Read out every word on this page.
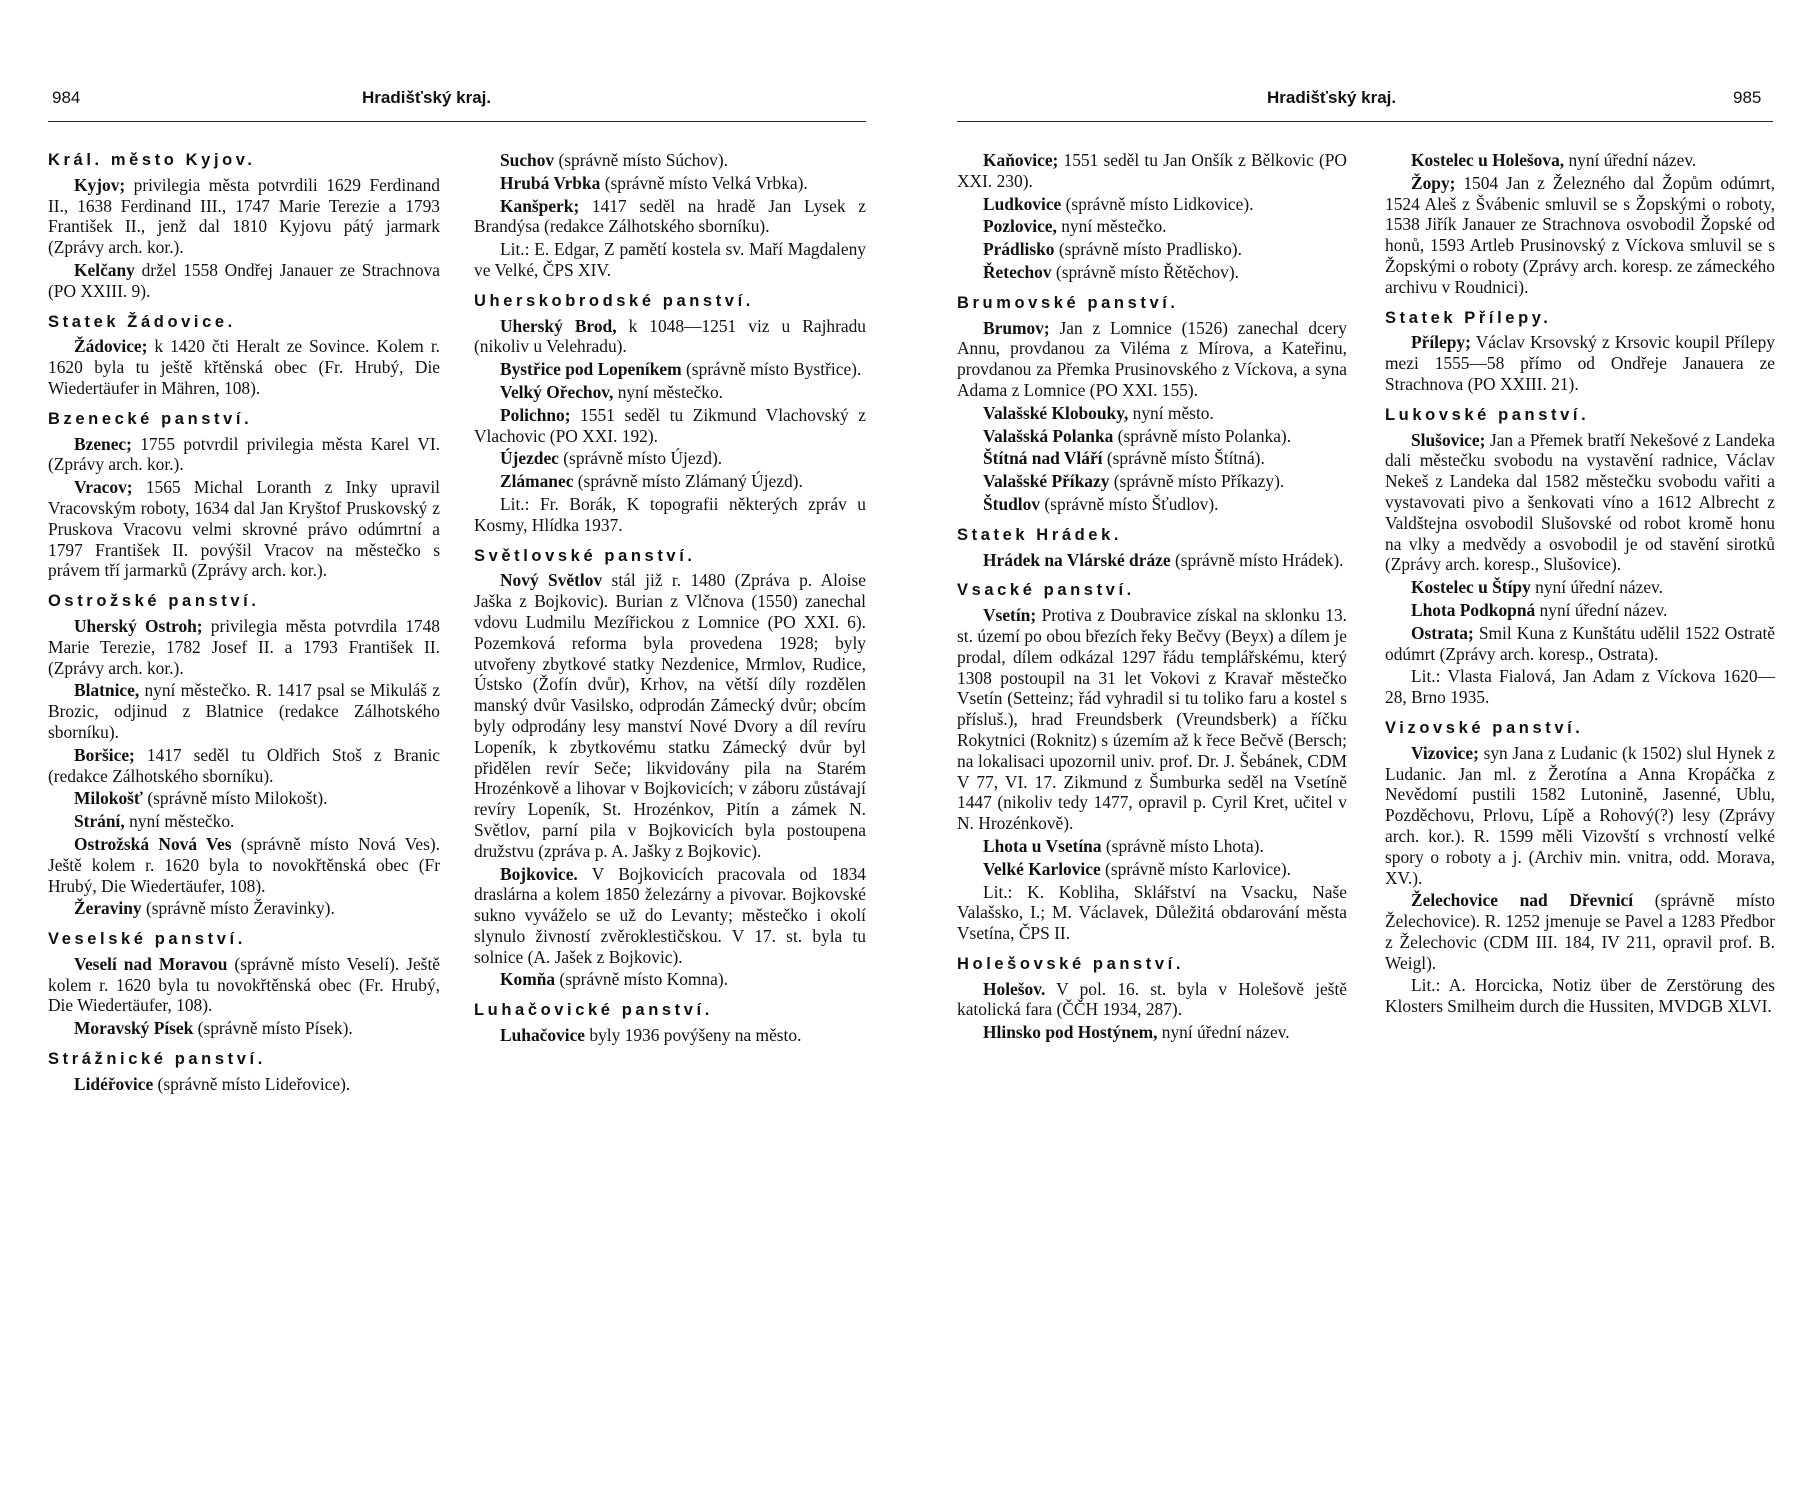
984	Hradišťský kraj.
Král. město Kyjov.

Kyjov; privilegia města potvrdili 1629 Ferdinand II., 1638 Ferdinand III., 1747 Marie Terezie a 1793 František II., jenž dal 1810 Kyjovu pátý jarmark (Zprávy arch. kor.).

Kelčany držel 1558 Ondřej Janauer ze Strachnova (PO XXIII. 9).

Statek Žádovice.

Žádovice; k 1420 čti Heralt ze Sovince. Kolem r. 1620 byla tu ještě křtěnská obec (Fr. Hrubý, Die Wiedertäufer in Mähren, 108).

Bzenecké panství.

Bzenec; 1755 potvrdil privilegia města Karel VI. (Zprávy arch. kor.).

Vracov; 1565 Michal Loranth z Inky upravil Vracovským roboty, 1634 dal Jan Kryštof Pruskovský z Pruskova Vracovu velmi skrovné právo odúmrtní a 1797 František II. povýšil Vracov na městečko s právem tří jarmarků (Zprávy arch. kor.).

Ostrožské panství.

Uherský Ostroh; privilegia města potvrdila 1748 Marie Terezie, 1782 Josef II. a 1793 František II. (Zprávy arch. kor.).

Blatnice, nyní městečko. R. 1417 psal se Mikuláš z Brozic, odjinud z Blatnice (redakce Zálhotského sborníku).

Boršice; 1417 seděl tu Oldřich Stoš z Branic (redakce Zálhotského sborníku).

Milokošť (správně místo Milokošt).

Strání, nyní městečko.

Ostrožská Nová Ves (správně místo Nová Ves). Ještě kolem r. 1620 byla to novokřtěnská obec (Fr Hrubý, Die Wiedertäufer, 108).

Žeraviny (správně místo Žeravinky).

Veselské panství.

Veselí nad Moravou (správně místo Veselí). Ještě kolem r. 1620 byla tu novokřtěnská obec (Fr. Hrubý, Die Wiedertäufer, 108).

Moravský Písek (správně místo Písek).

Strážnické panství.

Lidéřovice (správně místo Lideřovice).

Suchov (správně místo Súchov).

Hrubá Vrbka (správně místo Velká Vrbka).

Kanšperk; 1417 seděl na hradě Jan Lysek z Brandýsa (redakce Zálhotského sborníku).

Lit.: E. Edgar, Z pamětí kostela sv. Maří Magdaleny ve Velké, ČPS XIV.

Uherskobrodské panství.

Uherský Brod, k 1048—1251 viz u Rajhradu (nikoliv u Velehradu).

Bystřice pod Lopeníkem (správně místo Bystřice).

Velký Ořechov, nyní městečko.

Polichno; 1551 seděl tu Zikmund Vlachovský z Vlachovic (PO XXI. 192).

Újezdec (správně místo Újezd).

Zlámanec (správně místo Zlámaný Újezd).

Lit.: Fr. Borák, K topografii některých zpráv u Kosmy, Hlídka 1937.

Světlovské panství.

Nový Světlov stál již r. 1480 (Zpráva p. Aloise Jaška z Bojkovic). Burian z Vlčnova (1550) zanechal vdovu Ludmilu Mezířickou z Lomnice (PO XXI. 6). Pozemková reforma byla provedena 1928; byly utvořeny zbytkové statky Nezdenice, Mrmlov, Rudice, Ústsko (Žofín dvůr), Krhov, na větší díly rozdělen manský dvůr Vasilsko, odprodán Zámecký dvůr; obcím byly odprodány lesy manství Nové Dvory a díl revíru Lopeník, k zbytkovému statku Zámecký dvůr byl přidělen revír Seče; likvidovány pila na Starém Hrozénkově a lihovar v Bojkovicích; v záboru zůstávají revíry Lopeník, St. Hrozénkov, Pitín a zámek N. Světlov, parní pila v Bojkovicích byla postoupena družstvu (zpráva p. A. Jašky z Bojkovic).

Bojkovice. V Bojkovicích pracovala od 1834 draslárna a kolem 1850 železárny a pivovar. Bojkovské sukno vyváželo se už do Levanty; městečko i okolí slynulo živností zvěroklestičskou. V 17. st. byla tu solnice (A. Jašek z Bojkovic).

Komňa (správně místo Komna).

Luhačovické panství.

Luhačovice byly 1936 povýšeny na město.

Hradišťský kraj.	985

Kaňovice; 1551 seděl tu Jan Onšík z Bělkovic (PO XXI. 230).

Ludkovice (správně místo Lidkovice).

Pozlovice, nyní městečko.

Prádlisko (správně místo Pradlisko).

Řetechov (správně místo Řětěchov).

Brumovské panství.

Brumov; Jan z Lomnice (1526) zanechal dcery Annu, provdanou za Viléma z Mírova, a Kateřinu, provdanou za Přemka Prusinovského z Víckova, a syna Adama z Lomnice (PO XXI. 155).

Valašské Klobouky, nyní město.

Valašská Polanka (správně místo Polanka).

Štítná nad Vláří (správně místo Štítná).

Valašské Příkazy (správně místo Příkazy).

Študlov (správně místo Šťudlov).

Statek Hrádek.

Hrádek na Vlárské dráze (správně místo Hrádek).

Vsacké panství.

Vsetín; Protiva z Doubravice získal na sklonku 13. st. území po obou březích řeky Bečvy (Beyx) a dílem je prodal, dílem odkázal 1297 řádu templářskému, který 1308 postoupil na 31 let Vokovi z Kravař městečko Vsetín (Setteinz; řád vyhradil si tu toliko faru a kostel s přísluš.), hrad Freundsberk (Vreundsberk) a říčku Rokytnici (Roknitz) s územím až k řece Bečvě (Bersch; na lokalisaci upozornil univ. prof. Dr. J. Šebánek, CDM V 77, VI. 17. Zikmund z Šumburka seděl na Vsetíně 1447 (nikoliv tedy 1477, opravil p. Cyril Kret, učitel v N. Hrozénkově).

Lhota u Vsetína (správně místo Lhota).

Velké Karlovice (správně místo Karlovice).

Lit.: K. Kobliha, Sklářství na Vsacku, Naše Valašsko, I.; M. Václavek, Důležitá obdarování města Vsetína, ČPS II.

Holešovské panství.

Holešov. V pol. 16. st. byla v Holešově ještě katolická fara (ČČH 1934, 287).

Hlinsko pod Hostýnem, nyní úřední název.

Kostelec u Holešova, nyní úřední název.

Žopy; 1504 Jan z Železného dal Žopům odúmrt, 1524 Aleš z Švábenic smluvil se s Žopskými o roboty, 1538 Jiřík Janauer ze Strachnova osvobodil Žopské od honů, 1593 Artleb Prusinovský z Víckova smluvil se s Žopskými o roboty (Zprávy arch. koresp. ze zámeckého archivu v Roudnici).

Statek Přílepy.

Přílepy; Václav Krsovský z Krsovic koupil Přílepy mezi 1555—58 přímo od Ondřeje Janauera ze Strachnova (PO XXIII. 21).

Lukovské panství.

Slušovice; Jan a Přemek bratří Nekešové z Landeka dali městečku svobodu na vystavění radnice, Václav Nekeš z Landeka dal 1582 městečku svobodu vařiti a vystavovati pivo a šenkovati víno a 1612 Albrecht z Valdštejna osvobodil Slušovské od robot kromě honu na vlky a medvědy a osvobodil je od stavění sirotků (Zprávy arch. koresp., Slušovice).

Kostelec u Štípy nyní úřední název.

Lhota Podkopná nyní úřední název.

Ostrata; Smil Kuna z Kunštátu udělil 1522 Ostratě odúmrt (Zprávy arch. koresp., Ostrata).

Lit.: Vlasta Fialová, Jan Adam z Víckova 1620—28, Brno 1935.

Vizovské panství.

Vizovice; syn Jana z Ludanic (k 1502) slul Hynek z Ludanic. Jan ml. z Žerotína a Anna Kropáčka z Nevědomí pustili 1582 Lutonině, Jasenné, Ublu, Pozděchovu, Prlovu, Lípě a Rohový(?) lesy (Zprávy arch. kor.). R. 1599 měli Vizovští s vrchností velké spory o roboty a j. (Archiv min. vnitra, odd. Morava, XV.).

Želechovice nad Dřevnicí (správně místo Želechovice). R. 1252 jmenuje se Pavel a 1283 Předbor z Želechovic (CDM III. 184, IV 211, opravil prof. B. Weigl).

Lit.: A. Horcicka, Notiz über de Zerstörung des Klosters Smilheim durch die Hussiten, MVDGB XLVI.
